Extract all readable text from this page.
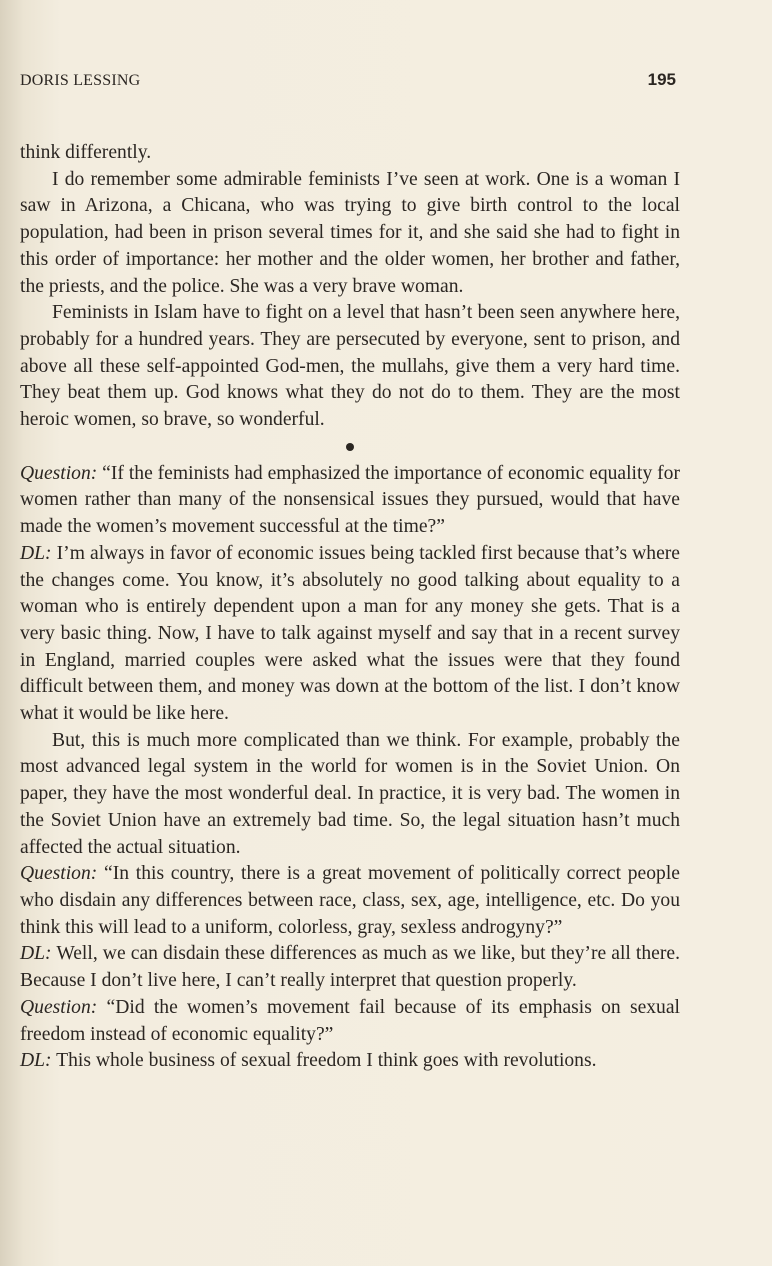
DORIS LESSING	195

think differently.

I do remember some admirable feminists I’ve seen at work. One is a woman I saw in Arizona, a Chicana, who was trying to give birth control to the local population, had been in prison several times for it, and she said she had to fight in this order of importance: her mother and the older women, her brother and father, the priests, and the police. She was a very brave woman.

Feminists in Islam have to fight on a level that hasn’t been seen anywhere here, probably for a hundred years. They are persecuted by everyone, sent to prison, and above all these self-appointed God-men, the mullahs, give them a very hard time. They beat them up. God knows what they do not do to them. They are the most heroic women, so brave, so wonderful.

Question: “If the feminists had emphasized the importance of economic equality for women rather than many of the nonsensical issues they pursued, would that have made the women’s movement successful at the time?”

DL: I’m always in favor of economic issues being tackled first because that’s where the changes come. You know, it’s absolutely no good talking about equality to a woman who is entirely dependent upon a man for any money she gets. That is a very basic thing. Now, I have to talk against myself and say that in a recent survey in England, married couples were asked what the issues were that they found difficult between them, and money was down at the bottom of the list. I don’t know what it would be like here.

But, this is much more complicated than we think. For example, probably the most advanced legal system in the world for women is in the Soviet Union. On paper, they have the most wonderful deal. In practice, it is very bad. The women in the Soviet Union have an extremely bad time. So, the legal situation hasn’t much affected the actual situation.

Question: “In this country, there is a great movement of politically correct people who disdain any differences between race, class, sex, age, intelligence, etc. Do you think this will lead to a uniform, colorless, gray, sexless androgyny?”

DL: Well, we can disdain these differences as much as we like, but they’re all there. Because I don’t live here, I can’t really interpret that question properly.

Question: “Did the women’s movement fail because of its emphasis on sexual freedom instead of economic equality?”

DL: This whole business of sexual freedom I think goes with revolutions.
